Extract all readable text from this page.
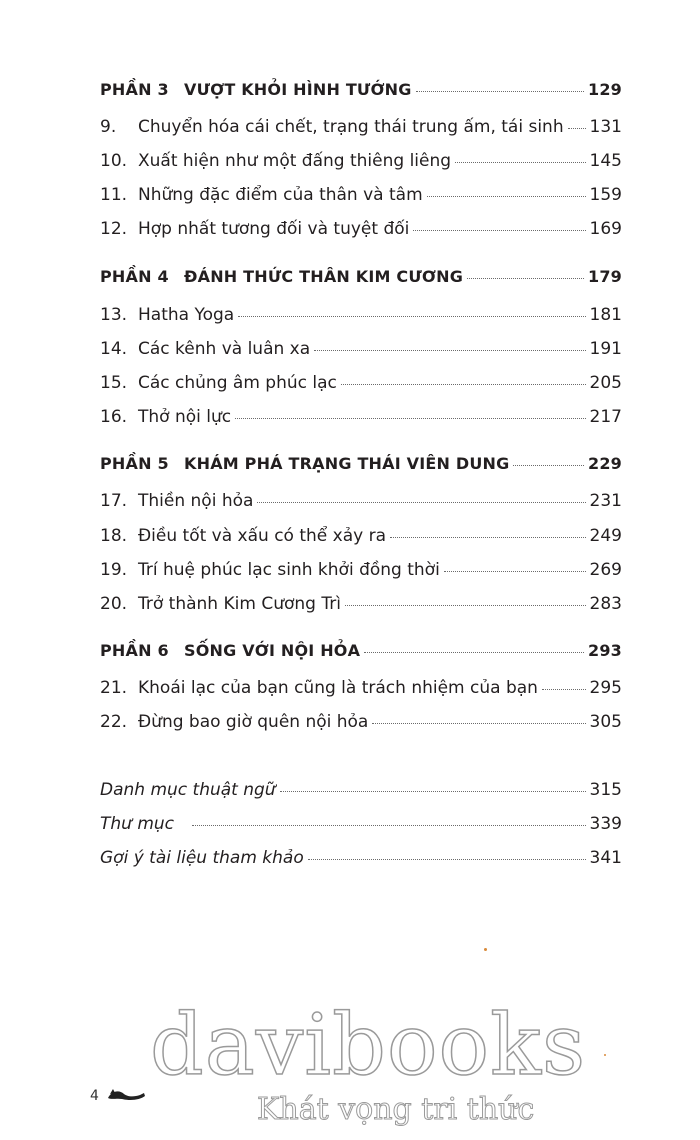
PHẦN 3 VƯỢT KHỎI HÌNH TƯỚNG	129
9.	Chuyển hóa cái chết, trạng thái trung ấm, tái sinh 131
10. Xuất hiện như một đấng thiêng liêng	145
11. Những đặc điểm của thân và tâm	159
12. Hợp nhất tương đối và tuyệt đối	169
PHẦN 4 ĐÁNH THỨC THÂN KIM CƯƠNG	179
13. Hatha Yoga	181
14. Các kênh và luân xa	191
15. Các chủng âm phúc lạc	205
16. Thở nội lực	217
PHẦN 5 KHÁM PHÁ TRẠNG THÁI VIÊN DUNG	229
17. Thiền nội hỏa	231
18. Điều tốt và xấu có thể xảy ra	249
19. Trí huệ phúc lạc sinh khởi đồng thời	269
20. Trở thành Kim Cương Trì	283
PHẦN 6 SỐNG VỚI NỘI HỎA	293
21. Khoái lạc của bạn cũng là trách nhiệm của bạn	295
22. Đừng bao giờ quên nội hỏa	305
Danh mục thuật ngữ	315
Thư mục	339
Gợi ý tài liệu tham khảo	341
4
davibooks
Khát vọng tri thức
